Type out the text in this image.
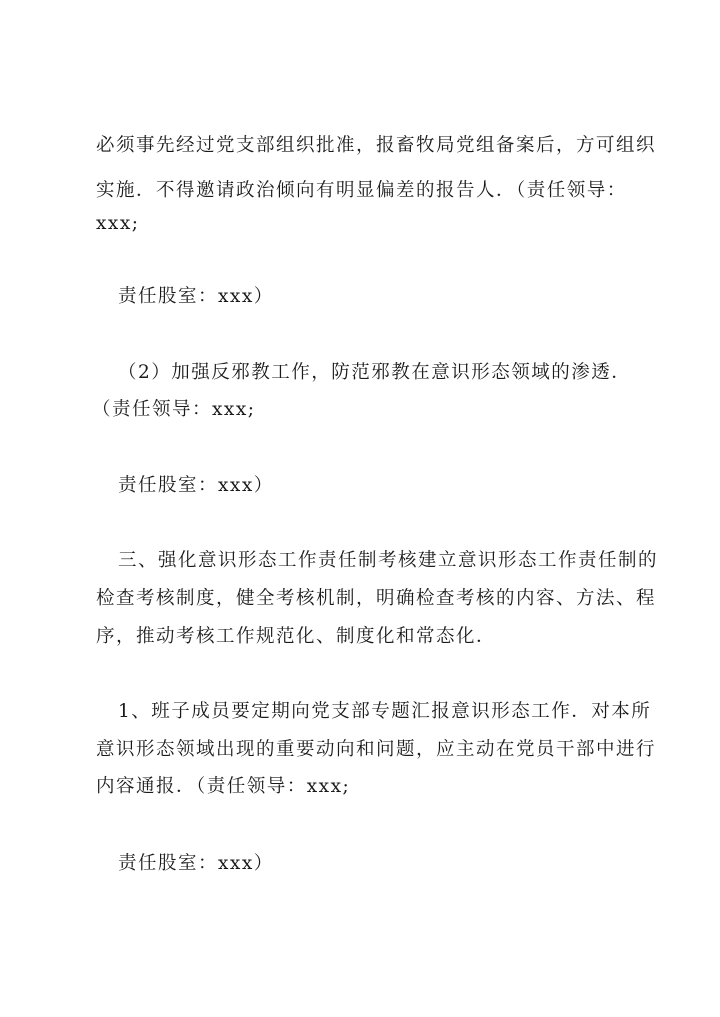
必须事先经过党支部组织批准，报畜牧局党组备案后，方可组织
实施．不得邀请政治倾向有明显偏差的报告人．（责任领导：
xxx;
责任股室：xxx）
（2）加强反邪教工作，防范邪教在意识形态领域的渗透．
（责任领导：xxx;
责任股室：xxx）
三、强化意识形态工作责任制考核建立意识形态工作责任制的
检查考核制度，健全考核机制，明确检查考核的内容、方法、程
序，推动考核工作规范化、制度化和常态化．
1、班子成员要定期向党支部专题汇报意识形态工作．对本所
意识形态领域出现的重要动向和问题，应主动在党员干部中进行
内容通报．（责任领导：xxx;
责任股室：xxx）
